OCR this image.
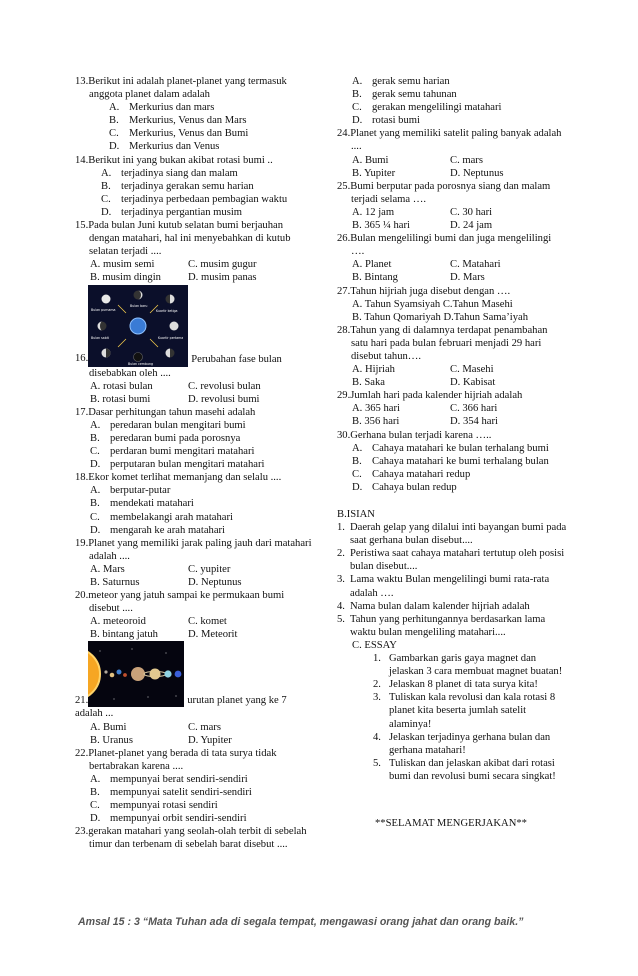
13.Berikut ini adalah planet-planet yang termasuk anggota planet dalam adalah
A. Merkurius dan mars
B. Merkurius, Venus dan Mars
C. Merkurius, Venus dan Bumi
D. Merkurius dan Venus
14.Berikut ini yang bukan akibat rotasi bumi ..
A. terjadinya siang dan malam
B. terjadinya gerakan semu harian
C. terjadinya perbedaan pembagian waktu
D. terjadinya pergantian musim
15.Pada bulan Juni kutub selatan bumi berjauhan dengan matahari, hal ini menyebahkan di kutub selatan terjadi ....
A. musim semi	C. musim gugur
B. musim dingin	D. musim panas
16.
Bulan purnama
Bulan baru
Kuartir ketiga
Bulan sabit	Kuartir pertama
Bulan cembung	Perubahan fase bulan
disebabkan oleh ....
A. rotasi bulan	C. revolusi bulan
B. rotasi bumi	D. revolusi bumi
17.Dasar perhitungan tahun masehi adalah
A. peredaran bulan mengitari bumi
B. peredaran bumi pada porosnya
C. perdaran bumi mengitari matahari
D. perputaran bulan mengitari matahari
18.Ekor komet terlihat memanjang dan selalu ....
A. berputar-putar
B. mendekati matahari
C. membelakangi arah matahari
D. mengarah ke arah matahari
19.Planet yang memiliki jarak paling jauh dari matahari adalah ....
A. Mars	C. yupiter
B. Saturnus	D. Neptunus
20.meteor yang jatuh sampai ke permukaan bumi disebut ....
A. meteoroid	C. komet
B. bintang jatuh	D. Meteorit
21.	urutan planet yang ke 7
adalah ...
A. Bumi	C. mars
B. Uranus	D. Yupiter
22.Planet-planet yang berada di tata surya tidak bertabrakan karena ....
A. mempunyai berat sendiri-sendiri
B. mempunyai satelit sendiri-sendiri
C. mempunyai rotasi sendiri
D. mempunyai orbit sendiri-sendiri
23.gerakan matahari yang seolah-olah terbit di sebelah timur dan terbenam di sebelah barat disebut ....
A. gerak semu harian
B. gerak semu tahunan
C. gerakan mengelilingi matahari
D. rotasi bumi
24.Planet yang memiliki satelit paling banyak adalah ....
A. Bumi	C. mars
B. Yupiter	D. Neptunus
25.Bumi berputar pada porosnya siang dan malam terjadi selama ….
A. 12 jam	C. 30 hari
B. 365 ¼ hari	D. 24 jam
26.Bulan mengelilingi bumi dan juga mengelilingi ….
A. Planet	C. Matahari
B. Bintang	D. Mars
27.Tahun hijriah juga disebut dengan ….
A. Tahun Syamsiyah C.Tahun Masehi
B. Tahun Qomariyah D.Tahun Sama’iyah
28.Tahun yang di dalamnya terdapat penambahan satu hari pada bulan februari menjadi 29 hari disebut tahun….
A. Hijriah	C. Masehi
B. Saka	D. Kabisat
29.Jumlah hari pada kalender hijriah adalah
A. 365 hari	C. 366 hari
B. 356 hari	D. 354 hari
30.Gerhana bulan terjadi karena …..
A. Cahaya matahari ke bulan terhalang bumi
B. Cahaya matahari ke bumi terhalang bulan
C. Cahaya matahari redup
D. Cahaya bulan redup
B.ISIAN
1. Daerah gelap yang dilalui inti bayangan bumi pada saat gerhana bulan disebut....
2. Peristiwa saat cahaya matahari tertutup oleh posisi bulan disebut....
3. Lama waktu Bulan mengelilingi bumi rata-rata adalah ….
4. Nama bulan dalam kalender hijriah adalah
5. Tahun yang perhitungannya berdasarkan lama waktu bulan mengeliling matahari....
C. ESSAY
1. Gambarkan garis gaya magnet dan jelaskan 3 cara membuat magnet buatan!
2. Jelaskan 8 planet di tata surya kita!
3. Tuliskan kala revolusi dan kala rotasi 8 planet kita beserta jumlah satelit alaminya!
4. Jelaskan terjadinya gerhana bulan dan gerhana matahari!
5. Tuliskan dan jelaskan akibat dari rotasi bumi dan revolusi bumi secara singkat!
**SELAMAT MENGERJAKAN**
Amsal 15 : 3 “Mata Tuhan ada di segala tempat, mengawasi orang jahat dan orang baik.”
